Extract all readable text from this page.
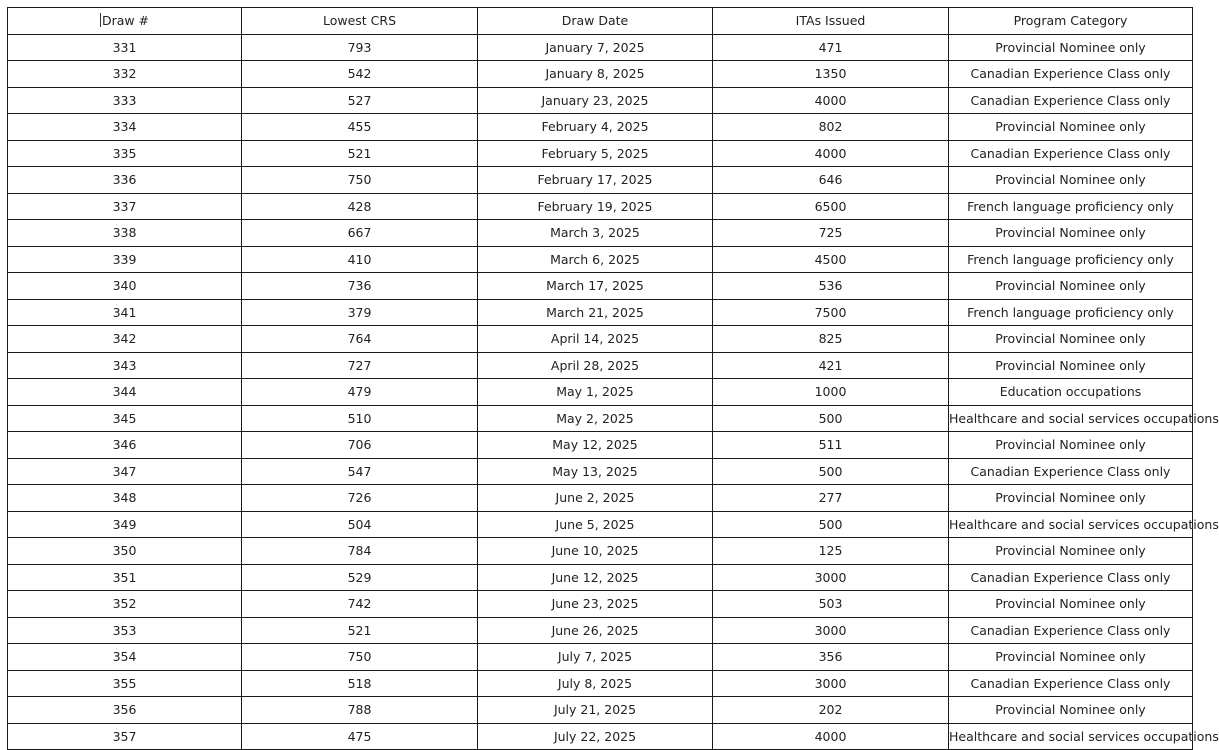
Draw #	Lowest CRS	Draw Date	ITAs Issued	Program Category
331	793	January 7, 2025	471	Provincial Nominee only
332	542	January 8, 2025	1350	Canadian Experience Class only
333	527	January 23, 2025	4000	Canadian Experience Class only
334	455	February 4, 2025	802	Provincial Nominee only
335	521	February 5, 2025	4000	Canadian Experience Class only
336	750	February 17, 2025	646	Provincial Nominee only
337	428	February 19, 2025	6500	French language proficiency only
338	667	March 3, 2025	725	Provincial Nominee only
339	410	March 6, 2025	4500	French language proficiency only
340	736	March 17, 2025	536	Provincial Nominee only
341	379	March 21, 2025	7500	French language proficiency only
342	764	April 14, 2025	825	Provincial Nominee only
343	727	April 28, 2025	421	Provincial Nominee only
344	479	May 1, 2025	1000	Education occupations
345	510	May 2, 2025	500	Healthcare and social services occupations
346	706	May 12, 2025	511	Provincial Nominee only
347	547	May 13, 2025	500	Canadian Experience Class only
348	726	June 2, 2025	277	Provincial Nominee only
349	504	June 5, 2025	500	Healthcare and social services occupations
350	784	June 10, 2025	125	Provincial Nominee only
351	529	June 12, 2025	3000	Canadian Experience Class only
352	742	June 23, 2025	503	Provincial Nominee only
353	521	June 26, 2025	3000	Canadian Experience Class only
354	750	July 7, 2025	356	Provincial Nominee only
355	518	July 8, 2025	3000	Canadian Experience Class only
356	788	July 21, 2025	202	Provincial Nominee only
357	475	July 22, 2025	4000	Healthcare and social services occupations
